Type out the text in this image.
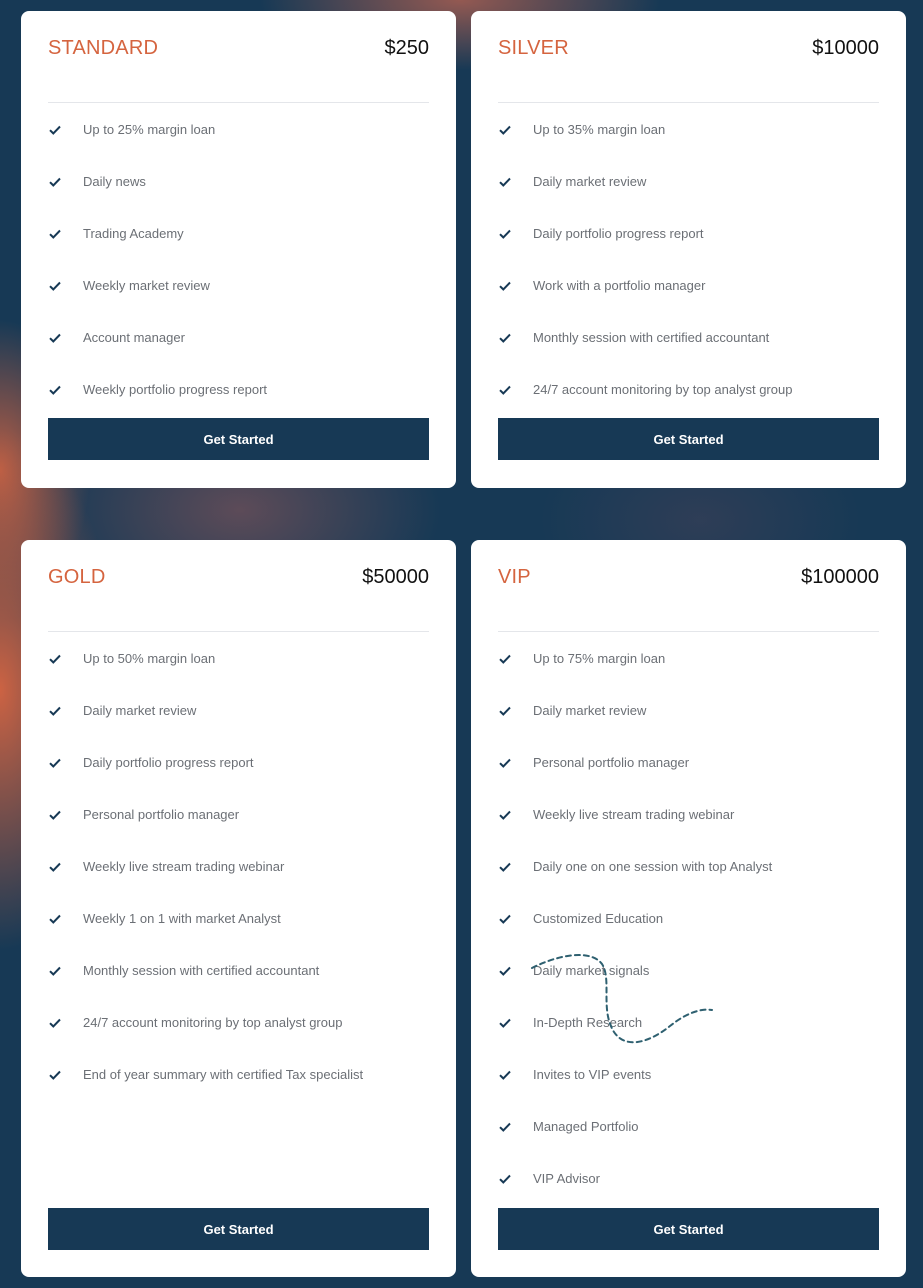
STANDARD	$250
Up to 25% margin loan
Daily news
Trading Academy
Weekly market review
Account manager
Weekly portfolio progress report
Get Started
SILVER	$10000
Up to 35% margin loan
Daily market review
Daily portfolio progress report
Work with a portfolio manager
Monthly session with certified accountant
24/7 account monitoring by top analyst group
Get Started
GOLD	$50000
Up to 50% margin loan
Daily market review
Daily portfolio progress report
Personal portfolio manager
Weekly live stream trading webinar
Weekly 1 on 1 with market Analyst
Monthly session with certified accountant
24/7 account monitoring by top analyst group
End of year summary with certified Tax specialist
Get Started
VIP	$100000
Up to 75% margin loan
Daily market review
Personal portfolio manager
Weekly live stream trading webinar
Daily one on one session with top Analyst
Customized Education
Daily market signals
In-Depth Research
Invites to VIP events
Managed Portfolio
VIP Advisor
Get Started
